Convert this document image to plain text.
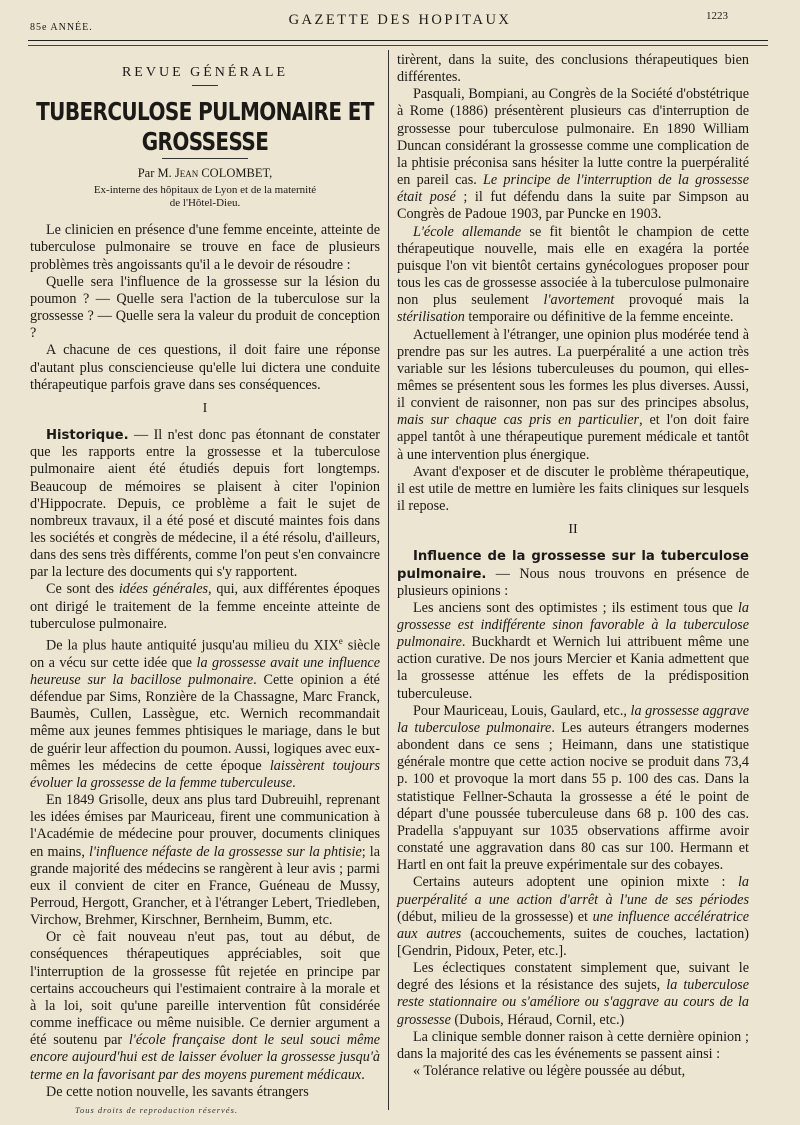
85e ANNÉE.	GAZETTE DES HOPITAUX	1223
REVUE GÉNÉRALE
TUBERCULOSE PULMONAIRE ET GROSSESSE
Par M. Jean COLOMBET,
Ex-interne des hôpitaux de Lyon et de la maternité
de l'Hôtel-Dieu.

Le clinicien en présence d'une femme enceinte, atteinte de tuberculose pulmonaire se trouve en face de plusieurs problèmes très angoissants qu'il a le devoir de résoudre :

Quelle sera l'influence de la grossesse sur la lésion du poumon ? — Quelle sera l'action de la tuberculose sur la grossesse ? — Quelle sera la valeur du produit de conception ?

A chacune de ces questions, il doit faire une réponse d'autant plus consciencieuse qu'elle lui dictera une conduite thérapeutique parfois grave dans ses conséquences.

I

Historique. — Il n'est donc pas étonnant de constater que les rapports entre la grossesse et la tuberculose pulmonaire aient été étudiés depuis fort longtemps. Beaucoup de mémoires se plaisent à citer l'opinion d'Hippocrate. Depuis, ce problème a fait le sujet de nombreux travaux, il a été posé et discuté maintes fois dans les sociétés et congrès de médecine, il a été résolu, d'ailleurs, dans des sens très différents, comme l'on peut s'en convaincre par la lecture des documents qui s'y rapportent.

Ce sont des idées générales, qui, aux différentes époques ont dirigé le traitement de la femme enceinte atteinte de tuberculose pulmonaire.

De la plus haute antiquité jusqu'au milieu du XIXe siècle on a vécu sur cette idée que la grossesse avait une influence heureuse sur la bacillose pulmonaire. Cette opinion a été défendue par Sims, Ronzière de la Chassagne, Marc Franck, Baumès, Cullen, Lassègue, etc. Wernich recommandait même aux jeunes femmes phtisiques le mariage, dans le but de guérir leur affection du poumon. Aussi, logiques avec eux-mêmes les médecins de cette époque laissèrent toujours évoluer la grossesse de la femme tuberculeuse.

En 1849 Grisolle, deux ans plus tard Dubreuihl, reprenant les idées émises par Mauriceau, firent une communication à l'Académie de médecine pour prouver, documents cliniques en mains, l'influence néfaste de la grossesse sur la phtisie; la grande majorité des médecins se rangèrent à leur avis ; parmi eux il convient de citer en France, Guéneau de Mussy, Perroud, Hergott, Grancher, et à l'étranger Lebert, Triedleben, Virchow, Brehmer, Kirschner, Bernheim, Bumm, etc.

Or cè fait nouveau n'eut pas, tout au début, de conséquences thérapeutiques appréciables, soit que l'interruption de la grossesse fût rejetée en principe par certains accoucheurs qui l'estimaient contraire à la morale et à la loi, soit qu'une pareille intervention fût considérée comme inefficace ou même nuisible. Ce dernier argument a été soutenu par l'école française dont le seul souci même encore aujourd'hui est de laisser évoluer la grossesse jusqu'à terme en la favorisant par des moyens purement médicaux.

De cette notion nouvelle, les savants étrangers

tirèrent, dans la suite, des conclusions thérapeutiques bien différentes.

Pasquali, Bompiani, au Congrès de la Société d'obstétrique à Rome (1886) présentèrent plusieurs cas d'interruption de grossesse pour tuberculose pulmonaire. En 1890 William Duncan considérant la grossesse comme une complication de la phtisie préconisa sans hésiter la lutte contre la puerpéralité en pareil cas. Le principe de l'interruption de la grossesse était posé ; il fut défendu dans la suite par Simpson au Congrès de Padoue 1903, par Puncke en 1903.

L'école allemande se fit bientôt le champion de cette thérapeutique nouvelle, mais elle en exagéra la portée puisque l'on vit bientôt certains gynécologues proposer pour tous les cas de grossesse associée à la tuberculose pulmonaire non plus seulement l'avortement provoqué mais la stérilisation temporaire ou définitive de la femme enceinte.

Actuellement à l'étranger, une opinion plus modérée tend à prendre pas sur les autres. La puerpéralité a une action très variable sur les lésions tuberculeuses du poumon, qui elles-mêmes se présentent sous les formes les plus diverses. Aussi, il convient de raisonner, non pas sur des principes absolus, mais sur chaque cas pris en particulier, et l'on doit faire appel tantôt à une thérapeutique purement médicale et tantôt à une intervention plus énergique.

Avant d'exposer et de discuter le problème thérapeutique, il est utile de mettre en lumière les faits cliniques sur lesquels il repose.

II

Influence de la grossesse sur la tuberculose pulmonaire. — Nous nous trouvons en présence de plusieurs opinions :

Les anciens sont des optimistes ; ils estiment tous que la grossesse est indifférente sinon favorable à la tuberculose pulmonaire. Buckhardt et Wernich lui attribuent même une action curative. De nos jours Mercier et Kania admettent que la grossesse atténue les effets de la prédisposition tuberculeuse.

Pour Mauriceau, Louis, Gaulard, etc., la grossesse aggrave la tuberculose pulmonaire. Les auteurs étrangers modernes abondent dans ce sens ; Heimann, dans une statistique générale montre que cette action nocive se produit dans 73,4 p. 100 et provoque la mort dans 55 p. 100 des cas. Dans la statistique Fellner-Schauta la grossesse a été le point de départ d'une poussée tuberculeuse dans 68 p. 100 des cas. Pradella s'appuyant sur 1035 observations affirme avoir constaté une aggravation dans 80 cas sur 100. Hermann et Hartl en ont fait la preuve expérimentale sur des cobayes.

Certains auteurs adoptent une opinion mixte : la puerpéralité a une action d'arrêt à l'une de ses périodes (début, milieu de la grossesse) et une influence accélératrice aux autres (accouchements, suites de couches, lactation) [Gendrin, Pidoux, Peter, etc.].

Les éclectiques constatent simplement que, suivant le degré des lésions et la résistance des sujets, la tuberculose reste stationnaire ou s'améliore ou s'aggrave au cours de la grossesse (Dubois, Héraud, Cornil, etc.)

La clinique semble donner raison à cette dernière opinion ; dans la majorité des cas les événements se passent ainsi :

« Tolérance relative ou légère poussée au début,

Tous droits de reproduction réservés.
